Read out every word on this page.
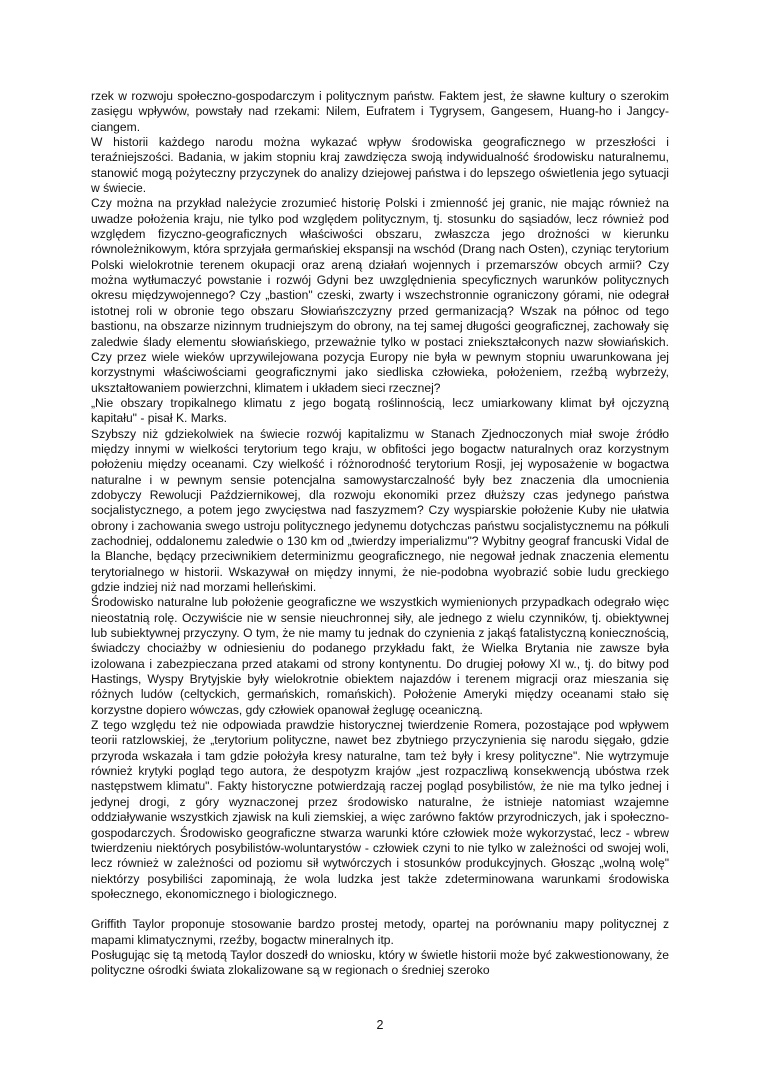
rzek w rozwoju społeczno-gospodarczym i politycznym państw. Faktem jest, że sławne kultury o szerokim zasięgu wpływów, powstały nad rzekami: Nilem, Eufratem i Tygrysem, Gangesem, Huang-ho i Jangcy-ciangem.

W historii każdego narodu można wykazać wpływ środowiska geograficznego w przeszłości i teraźniejszości. Badania, w jakim stopniu kraj zawdzięcza swoją indywidualność środowisku naturalnemu, stanowić mogą pożyteczny przyczynek do analizy dziejowej państwa i do lepszego oświetlenia jego sytuacji w świecie.

Czy można na przykład należycie zrozumieć historię Polski i zmienność jej granic, nie mając również na uwadze położenia kraju, nie tylko pod względem politycznym, tj. stosunku do sąsiadów, lecz również pod względem fizyczno-geograficznych właściwości obszaru, zwłaszcza jego drożności w kierunku równoleżnikowym, która sprzyjała germańskiej ekspansji na wschód (Drang nach Osten), czyniąc terytorium Polski wielokrotnie terenem okupacji oraz areną działań wojennych i przemarszów obcych armii? Czy można wytłumaczyć powstanie i rozwój Gdyni bez uwzględnienia specyficznych warunków politycznych okresu międzywojennego? Czy „bastion" czeski, zwarty i wszechstronnie ograniczony górami, nie odegrał istotnej roli w obronie tego obszaru Słowiańszczyzny przed germanizacją? Wszak na północ od tego bastionu, na obszarze nizinnym trudniejszym do obrony, na tej samej długości geograficznej, zachowały się zaledwie ślady elementu słowiańskiego, przeważnie tylko w postaci zniekształconych nazw słowiańskich. Czy przez wiele wieków uprzywilejowana pozycja Europy nie była w pewnym stopniu uwarunkowana jej korzystnymi właściwościami geograficznymi jako siedliska człowieka, położeniem, rzeźbą wybrzeży, ukształtowaniem powierzchni, klimatem i układem sieci rzecznej?

„Nie obszary tropikalnego klimatu z jego bogatą roślinnością, lecz umiarkowany klimat był ojczyzną kapitału" - pisał K. Marks.

Szybszy niż gdziekolwiek na świecie rozwój kapitalizmu w Stanach Zjednoczonych miał swoje źródło między innymi w wielkości terytorium tego kraju, w obfitości jego bogactw naturalnych oraz korzystnym położeniu między oceanami. Czy wielkość i różnorodność terytorium Rosji, jej wyposażenie w bogactwa naturalne i w pewnym sensie potencjalna samowystarczalność były bez znaczenia dla umocnienia zdobyczy Rewolucji Październikowej, dla rozwoju ekonomiki przez dłuższy czas jedynego państwa socjalistycznego, a potem jego zwycięstwa nad faszyzmem? Czy wyspiarskie położenie Kuby nie ułatwia obrony i zachowania swego ustroju politycznego jedynemu dotychczas państwu socjalistycznemu na półkuli zachodniej, oddalonemu zaledwie o 130 km od „twierdzy imperializmu"? Wybitny geograf francuski Vidal de la Blanche, będący przeciwnikiem determinizmu geograficznego, nie negował jednak znaczenia elementu terytorialnego w historii. Wskazywał on między innymi, że nie-podobna wyobrazić sobie ludu greckiego gdzie indziej niż nad morzami helleńskimi.

Środowisko naturalne lub położenie geograficzne we wszystkich wymienionych przypadkach odegrało więc nieostatnią rolę. Oczywiście nie w sensie nieuchronnej siły, ale jednego z wielu czynników, tj. obiektywnej lub subiektywnej przyczyny. O tym, że nie mamy tu jednak do czynienia z jakąś fatalistyczną koniecznością, świadczy chociażby w odniesieniu do podanego przykładu fakt, że Wielka Brytania nie zawsze była izolowana i zabezpieczana przed atakami od strony kontynentu. Do drugiej połowy XI w., tj. do bitwy pod Hastings, Wyspy Brytyjskie były wielokrotnie obiektem najazdów i terenem migracji oraz mieszania się różnych ludów (celtyckich, germańskich, romańskich). Położenie Ameryki między oceanami stało się korzystne dopiero wówczas, gdy człowiek opanował żeglugę oceaniczną.

Z tego względu też nie odpowiada prawdzie historycznej twierdzenie Romera, pozostające pod wpływem teorii ratzlowskiej, że „terytorium polityczne, nawet bez zbytniego przyczynienia się narodu sięgało, gdzie przyroda wskazała i tam gdzie położyła kresy naturalne, tam też były i kresy polityczne". Nie wytrzymuje również krytyki pogląd tego autora, że despotyzm krajów „jest rozpaczliwą konsekwencją ubóstwa rzek następstwem klimatu". Fakty historyczne potwierdzają raczej pogląd posybilistów, że nie ma tylko jednej i jedynej drogi, z góry wyznaczonej przez środowisko naturalne, że istnieje natomiast wzajemne oddziaływanie wszystkich zjawisk na kuli ziemskiej, a więc zarówno faktów przyrodniczych, jak i społeczno-gospodarczych. Środowisko geograficzne stwarza warunki które człowiek może wykorzystać, lecz - wbrew twierdzeniu niektórych posybilistów-woluntarystów - człowiek czyni to nie tylko w zależności od swojej woli, lecz również w zależności od poziomu sił wytwórczych i stosunków produkcyjnych. Głosząc „wolną wolę" niektórzy posybiliści zapominają, że wola ludzka jest także zdeterminowana warunkami środowiska społecznego, ekonomicznego i biologicznego.

Griffith Taylor proponuje stosowanie bardzo prostej metody, opartej na porównaniu mapy politycznej z mapami klimatycznymi, rzeźby, bogactw mineralnych itp.

Posługując się tą metodą Taylor doszedł do wniosku, który w świetle historii może być zakwestionowany, że polityczne ośrodki świata zlokalizowane są w regionach o średniej szeroko

2
